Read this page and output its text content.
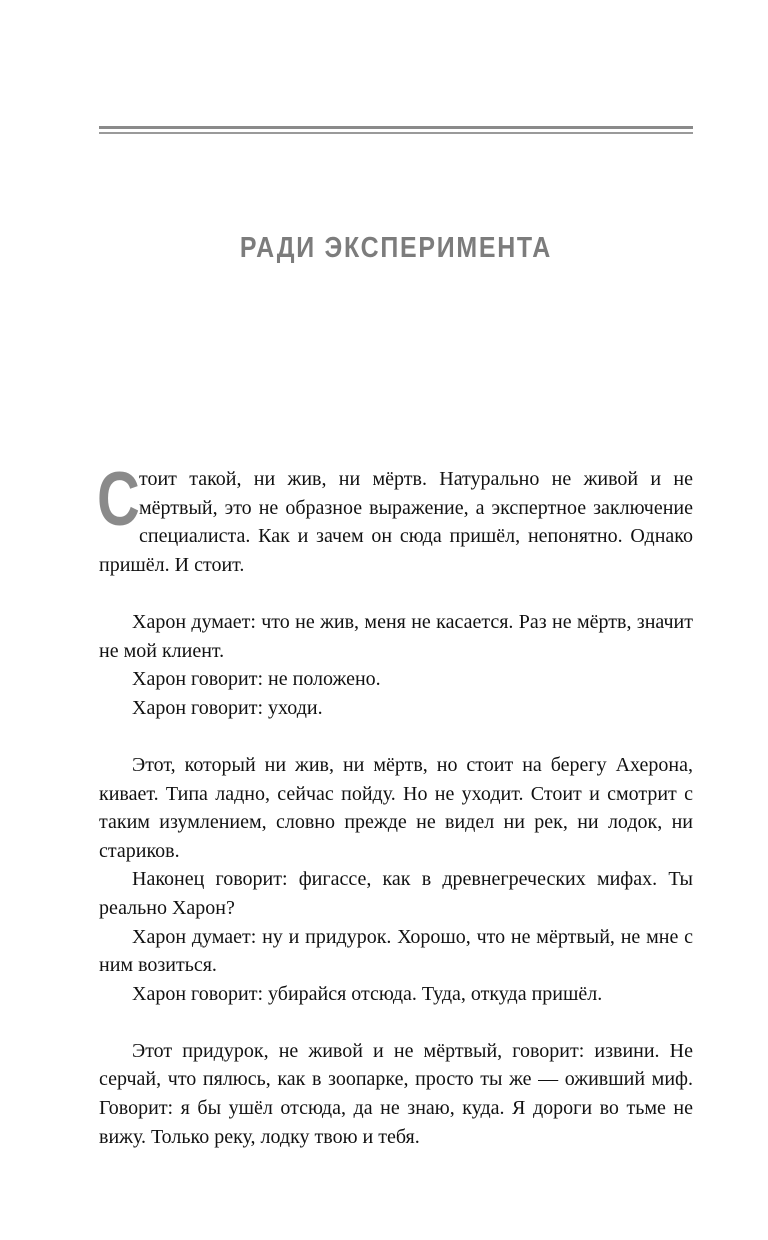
РАДИ ЭКСПЕРИМЕНТА

Стоит такой, ни жив, ни мёртв. Натурально не живой и не мёртвый, это не образное выражение, а экспертное заключение специалиста. Как и зачем он сюда пришёл, непонятно. Однако пришёл. И стоит.

Харон думает: что не жив, меня не касается. Раз не мёртв, значит не мой клиент.

Харон говорит: не положено.

Харон говорит: уходи.

Этот, который ни жив, ни мёртв, но стоит на берегу Ахерона, кивает. Типа ладно, сейчас пойду. Но не уходит. Стоит и смотрит с таким изумлением, словно прежде не видел ни рек, ни лодок, ни стариков.

Наконец говорит: фигассе, как в древнегреческих мифах. Ты реально Харон?

Харон думает: ну и придурок. Хорошо, что не мёртвый, не мне с ним возиться.

Харон говорит: убирайся отсюда. Туда, откуда пришёл.

Этот придурок, не живой и не мёртвый, говорит: извини. Не серчай, что пялюсь, как в зоопарке, просто ты же — оживший миф. Говорит: я бы ушёл отсюда, да не знаю, куда. Я дороги во тьме не вижу. Только реку, лодку твою и тебя.
